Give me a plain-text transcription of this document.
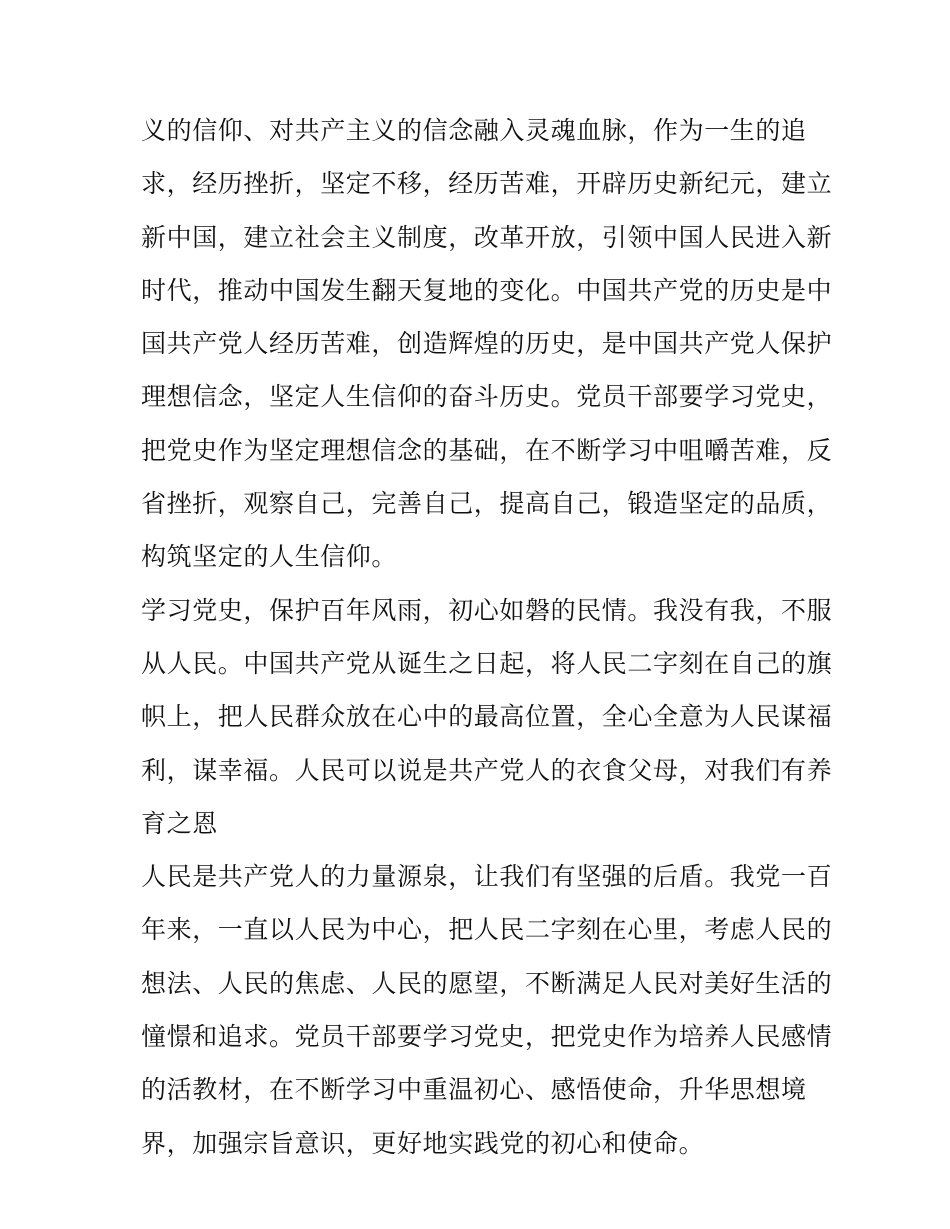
义的信仰、对共产主义的信念融入灵魂血脉，作为一生的追
求，经历挫折，坚定不移，经历苦难，开辟历史新纪元，建立
新中国，建立社会主义制度，改革开放，引领中国人民进入新
时代，推动中国发生翻天复地的变化。中国共产党的历史是中
国共产党人经历苦难，创造辉煌的历史，是中国共产党人保护
理想信念，坚定人生信仰的奋斗历史。党员干部要学习党史，
把党史作为坚定理想信念的基础，在不断学习中咀嚼苦难，反
省挫折，观察自己，完善自己，提高自己，锻造坚定的品质，
构筑坚定的人生信仰。
学习党史，保护百年风雨，初心如磐的民情。我没有我，不服
从人民。中国共产党从诞生之日起，将人民二字刻在自己的旗
帜上，把人民群众放在心中的最高位置，全心全意为人民谋福
利，谋幸福。人民可以说是共产党人的衣食父母，对我们有养
育之恩
人民是共产党人的力量源泉，让我们有坚强的后盾。我党一百
年来，一直以人民为中心，把人民二字刻在心里，考虑人民的
想法、人民的焦虑、人民的愿望，不断满足人民对美好生活的
憧憬和追求。党员干部要学习党史，把党史作为培养人民感情
的活教材，在不断学习中重温初心、感悟使命，升华思想境
界，加强宗旨意识，更好地实践党的初心和使命。
